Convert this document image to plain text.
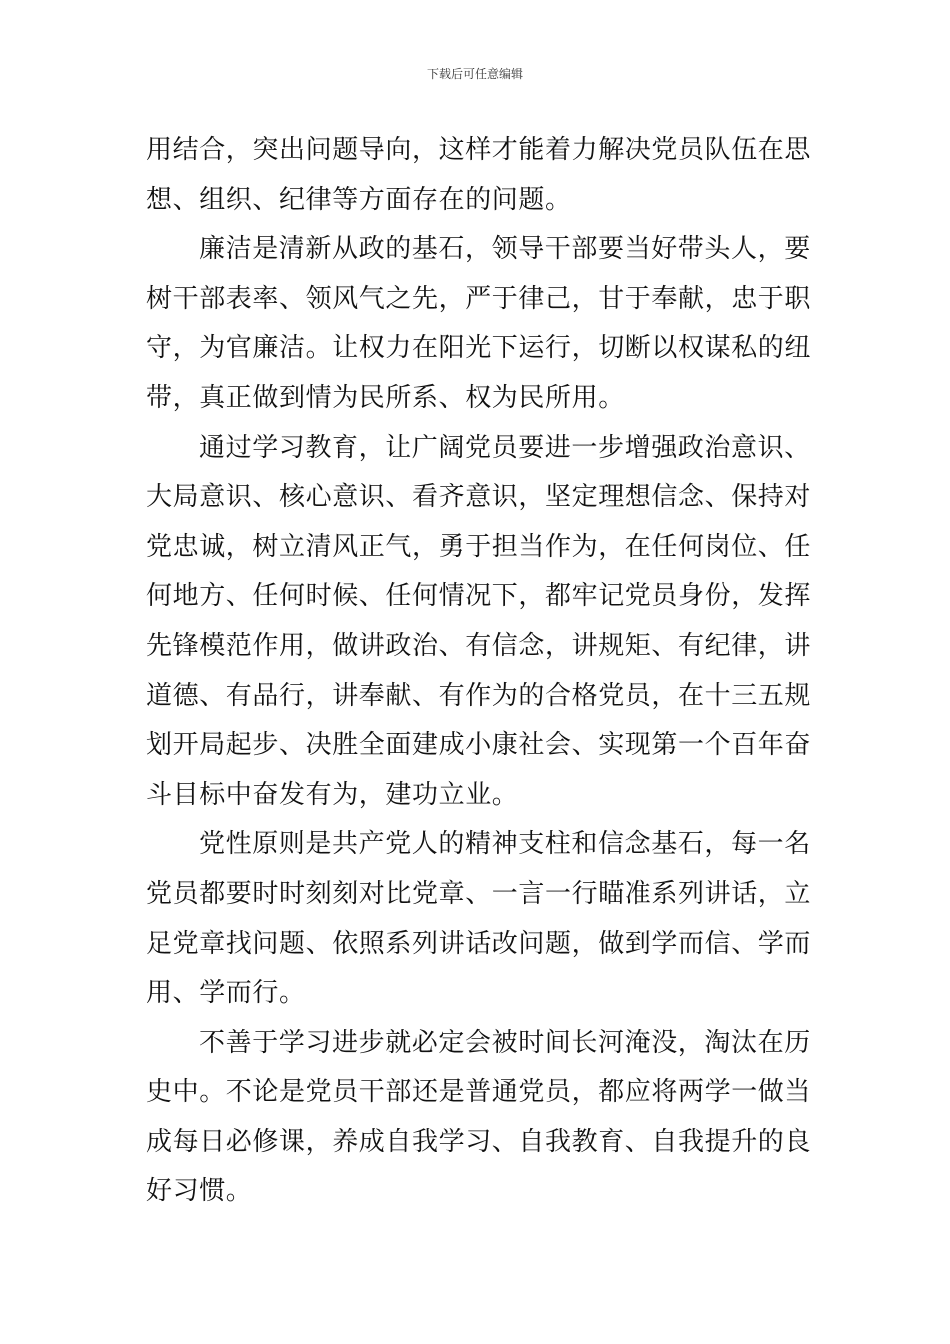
下载后可任意编辑
用结合，突出问题导向，这样才能着力解决党员队伍在思
想、组织、纪律等方面存在的问题。
廉洁是清新从政的基石，领导干部要当好带头人，要
树干部表率、领风气之先，严于律己，甘于奉献，忠于职
守，为官廉洁。让权力在阳光下运行，切断以权谋私的纽
带，真正做到情为民所系、权为民所用。
通过学习教育，让广阔党员要进一步增强政治意识、
大局意识、核心意识、看齐意识，坚定理想信念、保持对
党忠诚，树立清风正气，勇于担当作为，在任何岗位、任
何地方、任何时候、任何情况下，都牢记党员身份，发挥
先锋模范作用，做讲政治、有信念，讲规矩、有纪律，讲
道德、有品行，讲奉献、有作为的合格党员，在十三五规
划开局起步、决胜全面建成小康社会、实现第一个百年奋
斗目标中奋发有为，建功立业。
党性原则是共产党人的精神支柱和信念基石，每一名
党员都要时时刻刻对比党章、一言一行瞄准系列讲话，立
足党章找问题、依照系列讲话改问题，做到学而信、学而
用、学而行。
不善于学习进步就必定会被时间长河淹没，淘汰在历
史中。不论是党员干部还是普通党员，都应将两学一做当
成每日必修课，养成自我学习、自我教育、自我提升的良
好习惯。
